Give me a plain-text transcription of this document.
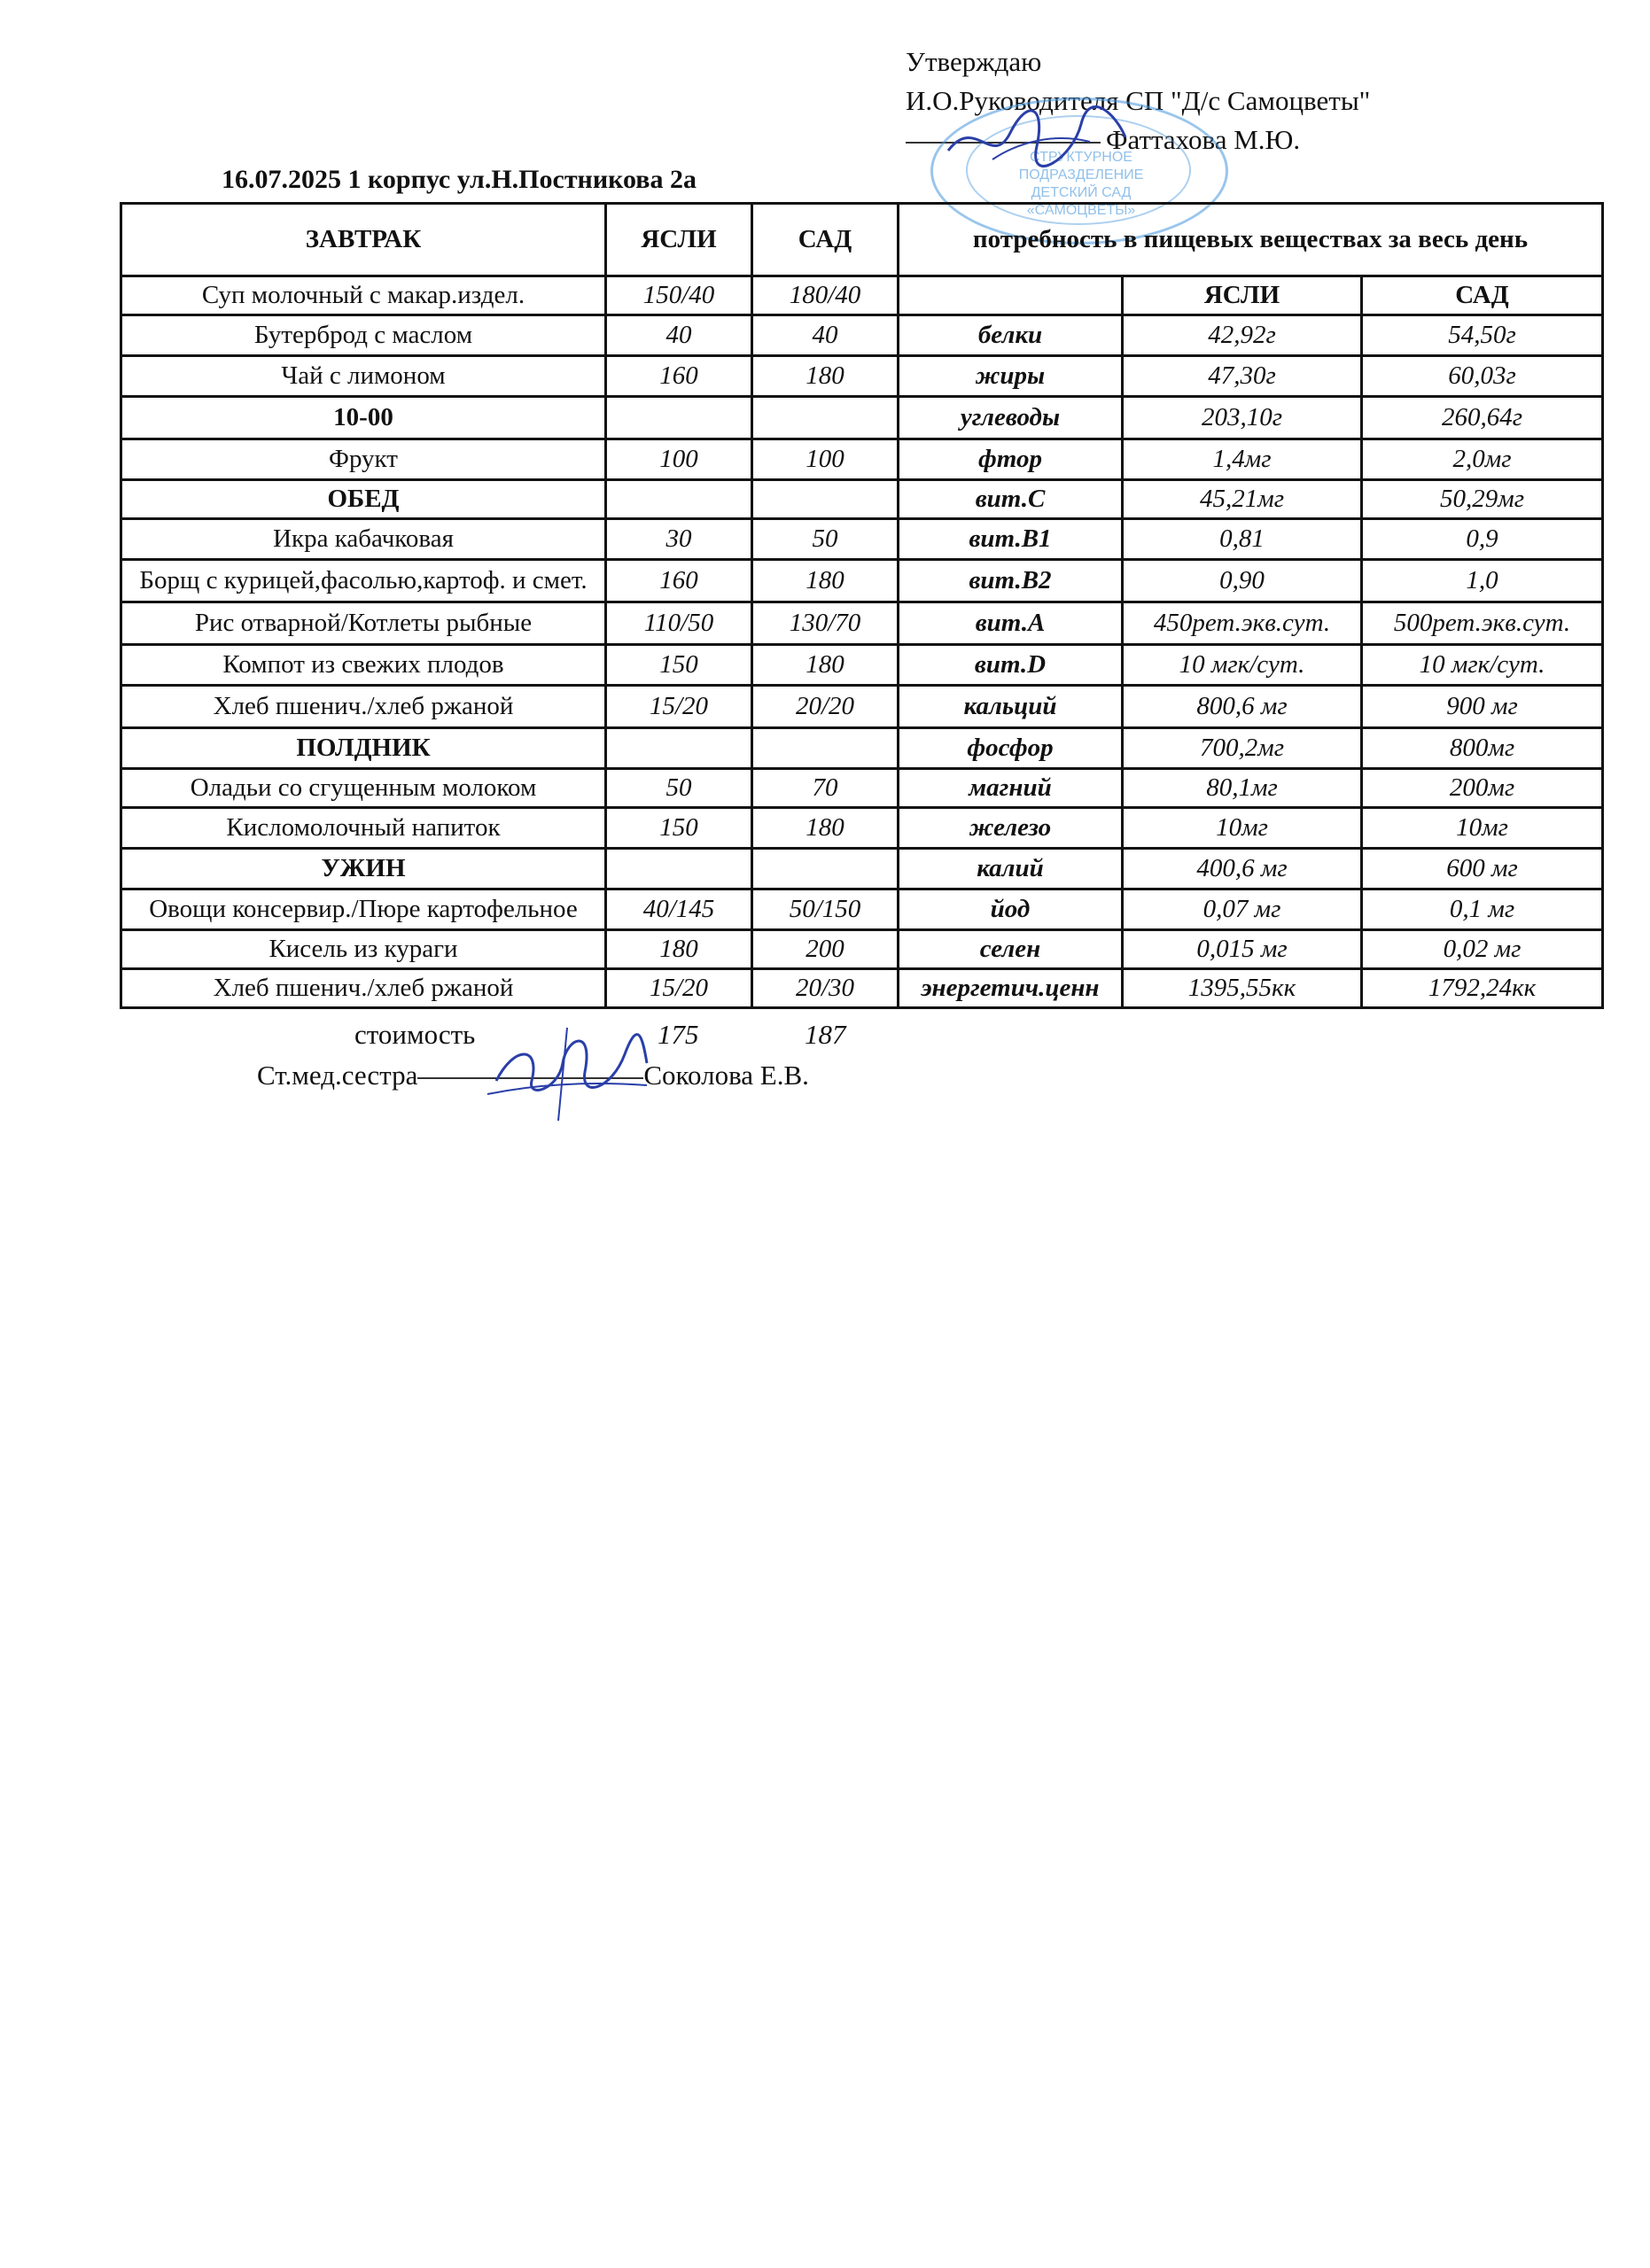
Утверждаю
И.О.Руководителя СП "Д/с Самоцветы"
Фаттахова М.Ю.
СТРУКТУРНОЕ ПОДРАЗДЕЛЕНИЕ ДЕТСКИЙ САД «САМОЦВЕТЫ»
16.07.2025 1 корпус ул.Н.Постникова 2а
ЗАВТРАК	ЯСЛИ	САД	потребность в пищевых веществах за весь день		
Суп молочный с макар.издел.	150/40	180/40		ЯСЛИ	САД
Бутерброд с маслом	40	40	белки	42,92г	54,50г
Чай с лимоном	160	180	жиры	47,30г	60,03г
10-00			углеводы	203,10г	260,64г
Фрукт	100	100	фтор	1,4мг	2,0мг
ОБЕД			вит.С	45,21мг	50,29мг
Икра кабачковая	30	50	вит.В1	0,81	0,9
Борщ с курицей,фасолью,картоф. и смет.	160	180	вит.В2	0,90	1,0
Рис отварной/Котлеты рыбные	110/50	130/70	вит.А	450рет.экв.сут.	500рет.экв.сут.
Компот из свежих плодов	150	180	вит.D	10 мгк/сут.	10 мгк/сут.
Хлеб пшенич./хлеб ржаной	15/20	20/20	кальций	800,6 мг	900 мг
ПОЛДНИК			фосфор	700,2мг	800мг
Оладьи со сгущенным молоком	50	70	магний	80,1мг	200мг
Кисломолочный напиток	150	180	железо	10мг	10мг
УЖИН			калий	400,6 мг	600 мг
Овощи консервир./Пюре картофельное	40/145	50/150	йод	0,07 мг	0,1 мг
Кисель из кураги	180	200	селен	0,015 мг	0,02 мг
Хлеб пшенич./хлеб ржаной	15/20	20/30	энергетич.ценн	1395,55кк	1792,24кк
стоимость	175	187
Ст.мед.сестра	Соколова Е.В.
